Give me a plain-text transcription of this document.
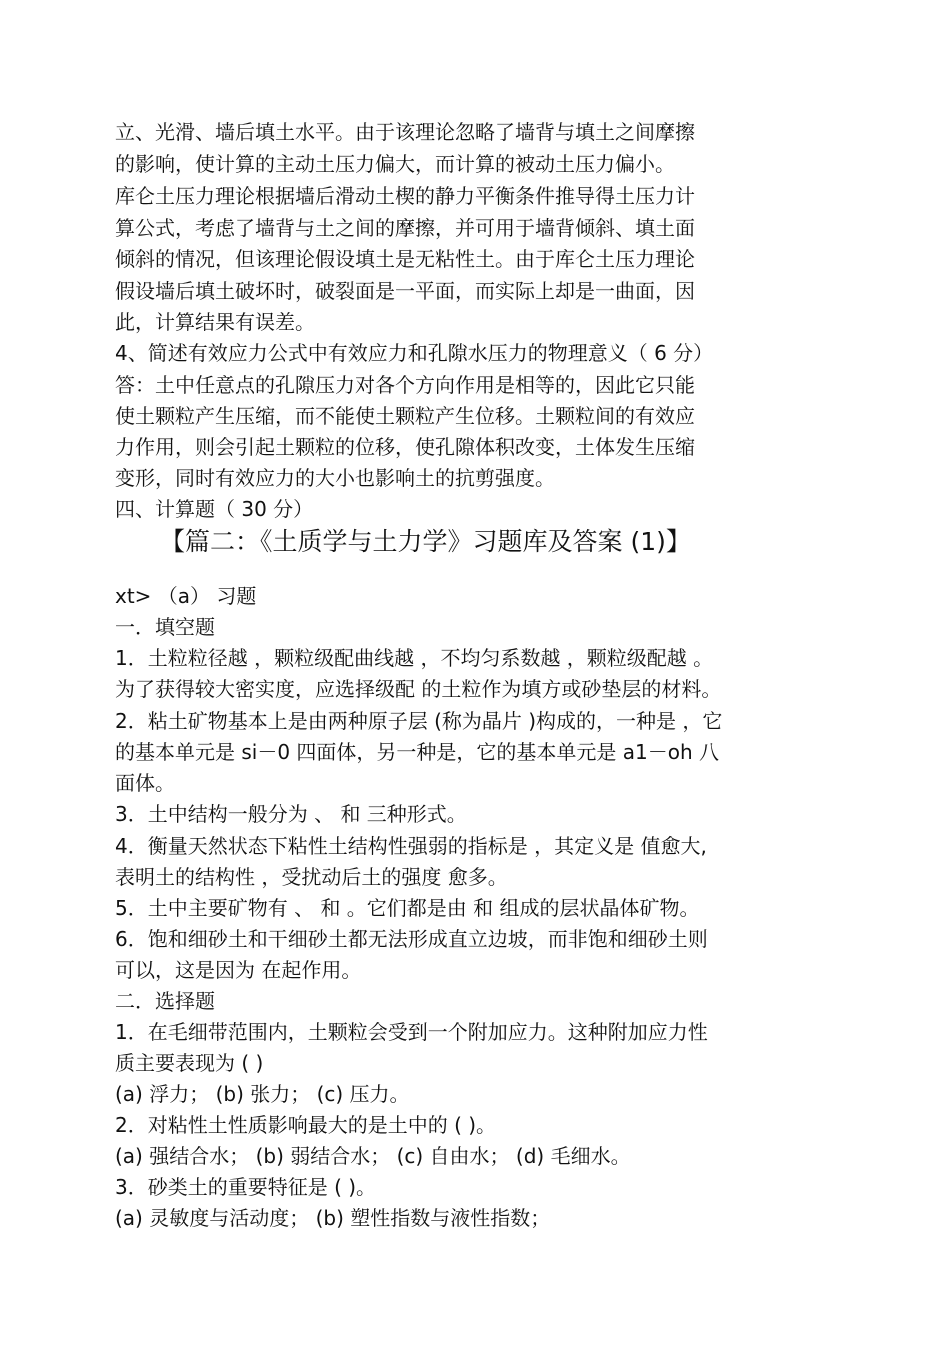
立、光滑、墙后填土水平。由于该理论忽略了墙背与填土之间摩擦
的影响，使计算的主动土压力偏大，而计算的被动土压力偏小。
库仑土压力理论根据墙后滑动土楔的静力平衡条件推导得土压力计
算公式，考虑了墙背与土之间的摩擦，并可用于墙背倾斜、填土面
倾斜的情况，但该理论假设填土是无粘性土。由于库仑土压力理论
假设墙后填土破坏时，破裂面是一平面，而实际上却是一曲面，因
此，计算结果有误差。
4、简述有效应力公式中有效应力和孔隙水压力的物理意义（ 6 分）
答：土中任意点的孔隙压力对各个方向作用是相等的，因此它只能
使土颗粒产生压缩，而不能使土颗粒产生位移。土颗粒间的有效应
力作用，则会引起土颗粒的位移，使孔隙体积改变，土体发生压缩
变形，同时有效应力的大小也影响土的抗剪强度。
四、计算题（ 30 分）
【篇二：《土质学与土力学》习题库及答案 (1)】
xt> （a） 习题
一．填空题
1．土粒粒径越 ，颗粒级配曲线越 ，不均匀系数越 ，颗粒级配越 。
为了获得较大密实度，应选择级配 的土粒作为填方或砂垫层的材料。
2．粘土矿物基本上是由两种原子层 (称为晶片 )构成的，一种是 ，它
的基本单元是 si－0 四面体，另一种是，它的基本单元是 a1－oh 八
面体。
3．土中结构一般分为 、 和 三种形式。
4．衡量天然状态下粘性土结构性强弱的指标是 ，其定义是 值愈大,
表明土的结构性 ，受扰动后土的强度 愈多。
5．土中主要矿物有 、 和 。它们都是由 和 组成的层状晶体矿物。
6．饱和细砂土和干细砂土都无法形成直立边坡，而非饱和细砂土则
可以，这是因为 在起作用。
二．选择题
1．在毛细带范围内，土颗粒会受到一个附加应力。这种附加应力性
质主要表现为 ( )
(a) 浮力； (b) 张力； (c) 压力。
2．对粘性土性质影响最大的是土中的 ( )。
(a) 强结合水； (b) 弱结合水； (c) 自由水； (d) 毛细水。
3．砂类土的重要特征是 ( )。
(a) 灵敏度与活动度； (b) 塑性指数与液性指数；
